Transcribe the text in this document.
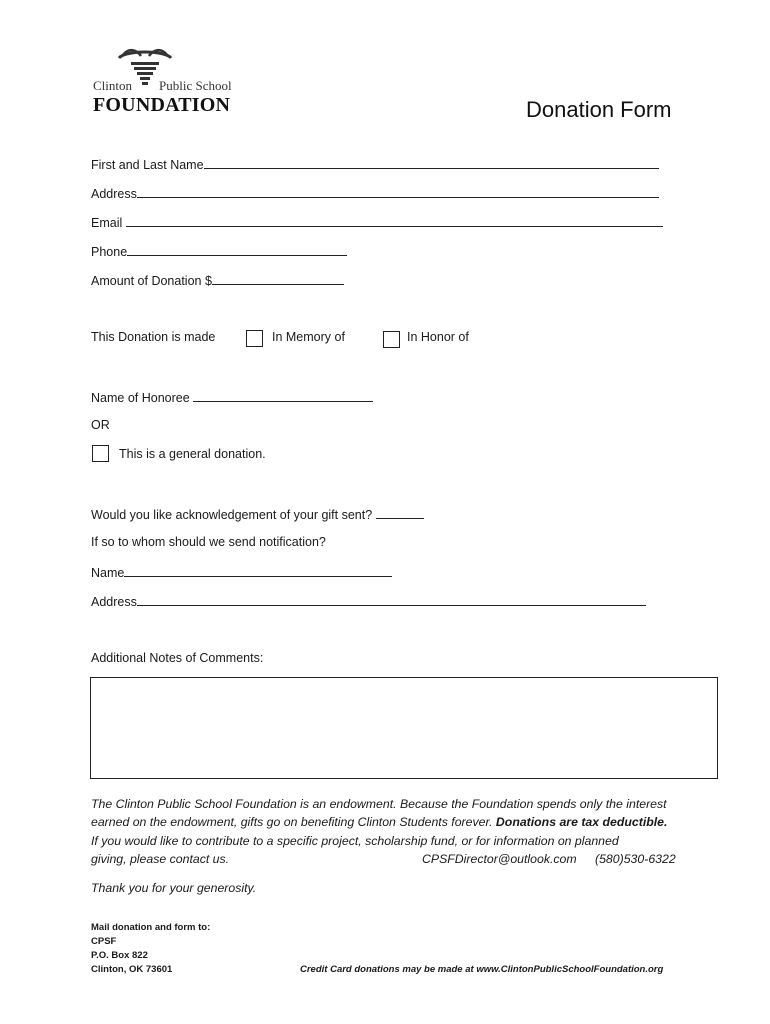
Clinton Public School
FOUNDATION	Donation Form
First and Last Name
Address
Email
Phone
Amount of Donation $
This Donation is made	In Memory of	In Honor of
Name of Honoree
OR
This is a general donation.
Would you like acknowledgement of your gift sent?
If so to whom should we send notification?
Name
Address
Additional Notes of Comments:
The Clinton Public School Foundation is an endowment. Because the Foundation spends only the interest
earned on the endowment, gifts go on benefiting Clinton Students forever. Donations are tax deductible.
If you would like to contribute to a specific project, scholarship fund, or for information on planned
giving, please contact us.	CPSFDirector@outlook.com (580)530-6322
Thank you for your generosity.
Mail donation and form to:
CPSF
P.O. Box 822
Clinton, OK 73601	Credit Card donations may be made at www.ClintonPublicSchoolFoundation.org
